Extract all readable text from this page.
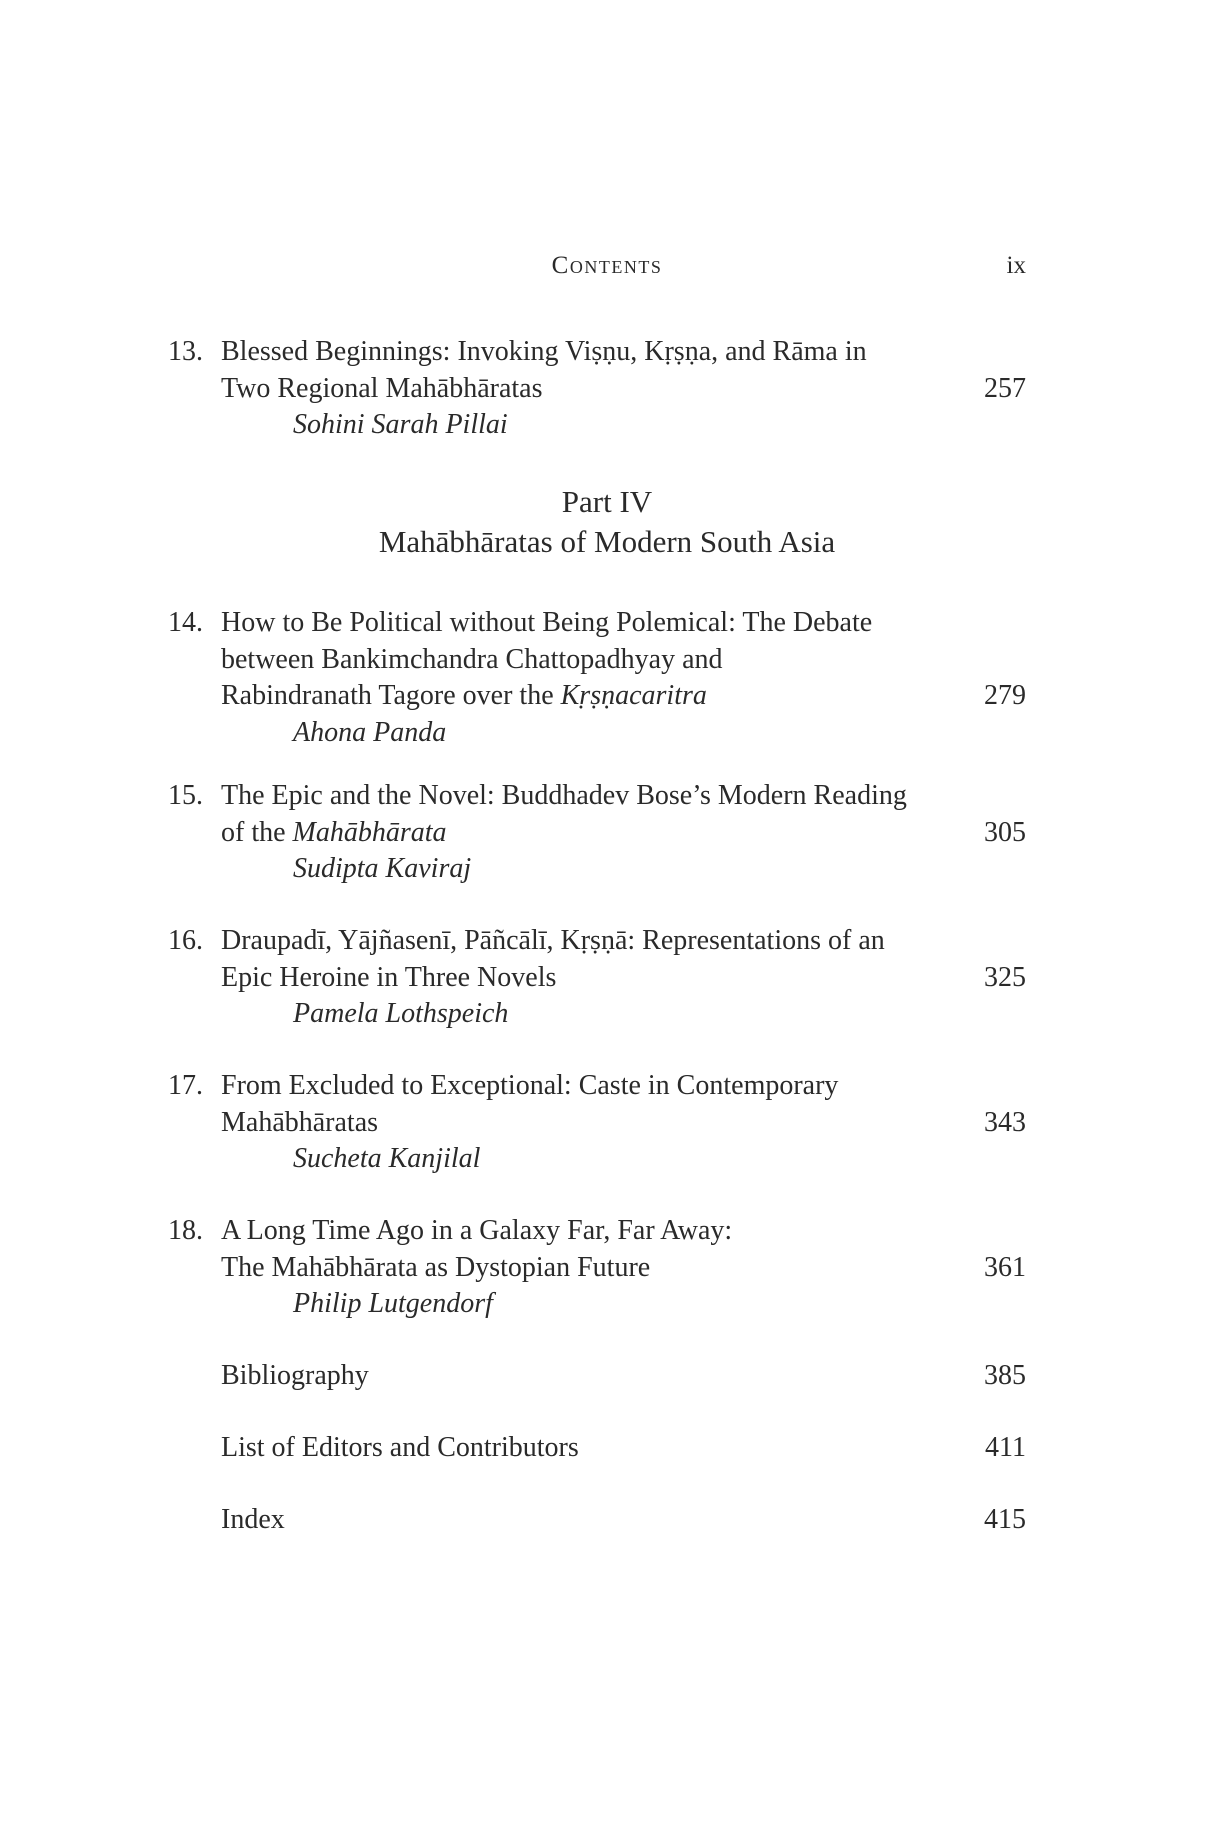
Contents	ix
13. Blessed Beginnings: Invoking Viṣṇu, Kṛṣṇa, and Rāma in
Two Regional Mahābhāratas
Sohini Sarah Pillai
257
Part IV
Mahābhāratas of Modern South Asia
14. How to Be Political without Being Polemical: The Debate
between Bankimchandra Chattopadhyay and
Rabindranath Tagore over the Kṛṣṇacaritra
Ahona Panda
279
15. The Epic and the Novel: Buddhadev Bose’s Modern Reading
of the Mahābhārata
Sudipta Kaviraj
305
16. Draupadī, Yājñasenī, Pāñcālī, Kṛṣṇā: Representations of an
Epic Heroine in Three Novels
Pamela Lothspeich
325
17. From Excluded to Exceptional: Caste in Contemporary
Mahābhāratas
Sucheta Kanjilal
343
18. A Long Time Ago in a Galaxy Far, Far Away:
The Mahābhārata as Dystopian Future
Philip Lutgendorf
361
Bibliography	385
List of Editors and Contributors	411
Index	415
